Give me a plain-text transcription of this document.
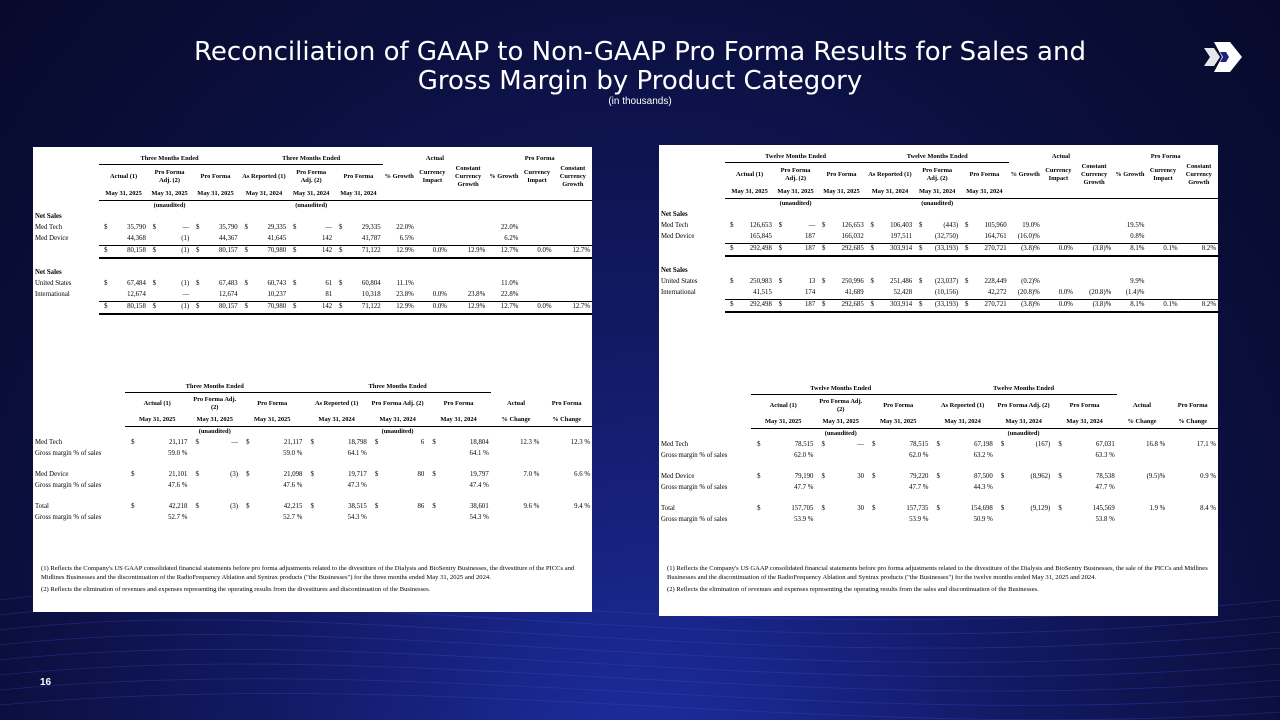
Reconciliation of GAAP to Non-GAAP Pro Forma Results for Sales and
Gross Margin by Product Category
(in thousands)
16
	Three Months Ended						Three Months Ended						Actual			Pro Forma		
	Actual (1)		Pro Forma Adj. (2)		Pro Forma		As Reported (1)		Pro Forma Adj. (2)		Pro Forma		% Growth	Currency Impact	Constant Currency Growth	% Growth	Currency Impact	Constant Currency Growth
	May 31, 2025		May 31, 2025		May 31, 2025		May 31, 2024		May 31, 2024		May 31, 2024							
	(unaudited)						(unaudited)											
Net Sales																		
Med Tech	$	35,790	$	—	$	35,790	$	29,335	$	—	$	29,335	22.0%			22.0%		
Med Device		44,368		(1)		44,367		41,645		142		41,787	6.5%			6.2%		
	$	80,158	$	(1)	$	80,157	$	70,980	$	142	$	71,122	12.9%	0.0%	12.9%	12.7%	0.0%	12.7%

Net Sales																		
United States	$	67,484	$	(1)	$	67,483	$	60,743	$	61	$	60,804	11.1%			11.0%		
International		12,674		—		12,674		10,237		81		10,318	23.8%	0.0%	23.8%	22.8%		
	$	80,158	$	(1)	$	80,157	$	70,980	$	142	$	71,122	12.9%	0.0%	12.9%	12.7%	0.0%	12.7%

	Three Months Ended						Three Months Ended							
	Actual (1)		Pro Forma Adj. (2)		Pro Forma		As Reported (1)		Pro Forma Adj. (2)		Pro Forma		Actual	Pro Forma
	May 31, 2025		May 31, 2025		May 31, 2025		May 31, 2024		May 31, 2024		May 31, 2024		% Change	% Change
	(unaudited)						(unaudited)							
Med Tech	$	21,117	$	—	$	21,117	$	18,798	$	6	$	18,804	12.3 %	12.3 %
Gross margin % of sales		59.0 %				59.0 %		64.1 %				64.1 %		

Med Device	$	21,101	$	(3)	$	21,098	$	19,717	$	80	$	19,797	7.0 %	6.6 %
Gross margin % of sales		47.6 %				47.6 %		47.3 %				47.4 %		

Total	$	42,218	$	(3)	$	42,215	$	38,515	$	86	$	38,601	9.6 %	9.4 %
Gross margin % of sales		52.7 %				52.7 %		54.3 %				54.3 %		

(1) Reflects the Company's US GAAP consolidated financial statements before pro forma adjustments related to the divestiture of the Dialysis and BioSentry Businesses, the divestiture of the PICCs and Midlines Businesses and the discontinuation of the RadioFrequency Ablation and Syntrax products ("the Businesses") for the three months ended May 31, 2025 and 2024.

(2) Reflects the elimination of revenues and expenses representing the operating results from the divestitures and discontinuation of the Businesses.

	Twelve Months Ended						Twelve Months Ended						Actual			Pro Forma		
	Actual (1)		Pro Forma Adj. (2)		Pro Forma		As Reported (1)		Pro Forma Adj. (2)		Pro Forma		% Growth	Currency Impact	Constant Currency Growth	% Growth	Currency Impact	Constant Currency Growth
	May 31, 2025		May 31, 2025		May 31, 2025		May 31, 2024		May 31, 2024		May 31, 2024							
	(unaudited)						(unaudited)											
Net Sales																		
Med Tech	$	126,653	$	—	$	126,653	$	106,403	$	(443)	$	105,960	19.0%			19.5%		
Med Device		165,845		187		166,032		197,511		(32,750)		164,761	(16.0)%			0.8%		
	$	292,498	$	187	$	292,685	$	303,914	$	(33,193)	$	270,721	(3.8)%	0.0%	(3.8)%	8.1%	0.1%	8.2%

Net Sales																		
United States	$	250,983	$	13	$	250,996	$	251,486	$	(23,037)	$	228,449	(0.2)%			9.9%		
International		41,515		174		41,689		52,428		(10,156)		42,272	(20.8)%	0.0%	(20.8)%	(1.4)%		
	$	292,498	$	187	$	292,685	$	303,914	$	(33,193)	$	270,721	(3.8)%	0.0%	(3.8)%	8.1%	0.1%	8.2%

	Twelve Months Ended						Twelve Months Ended							
	Actual (1)		Pro Forma Adj. (2)		Pro Forma		As Reported (1)		Pro Forma Adj. (2)		Pro Forma		Actual	Pro Forma
	May 31, 2025		May 31, 2025		May 31, 2025		May 31, 2024		May 31, 2024		May 31, 2024		% Change	% Change
	(unaudited)						(unaudited)							
Med Tech	$	78,515	$	—	$	78,515	$	67,198	$	(167)	$	67,031	16.8 %	17.1 %
Gross margin % of sales		62.0 %				62.0 %		63.2 %				63.3 %		

Med Device	$	79,190	$	30	$	79,220	$	87,500	$	(8,962)	$	78,538	(9.5)%	0.9 %
Gross margin % of sales		47.7 %				47.7 %		44.3 %				47.7 %		

Total	$	157,705	$	30	$	157,735	$	154,698	$	(9,129)	$	145,569	1.9 %	8.4 %
Gross margin % of sales		53.9 %				53.9 %		50.9 %				53.8 %		

(1) Reflects the Company's US GAAP consolidated financial statements before pro forma adjustments related to the divestiture of the Dialysis and BioSentry Businesses, the sale of the PICCs and Midlines Businesses and the discontinuation of the RadioFrequency Ablation and Syntrax products ("the Businesses") for the twelve months ended May 31, 2025 and 2024.

(2) Reflects the elimination of revenues and expenses representing the operating results from the sales and discontinuation of the Businesses.
